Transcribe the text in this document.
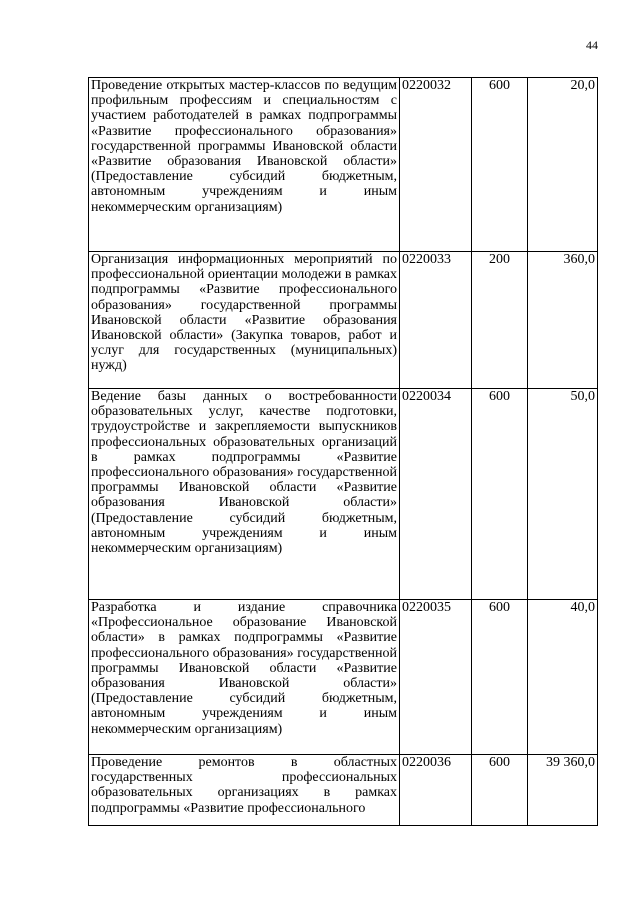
44
Проведение открытых мастер-классов по ведущим профильным профессиям и специальностям с участием работодателей в рамках подпрограммы «Развитие профессионального образования» государственной программы Ивановской области «Развитие образования Ивановской области» (Предоставление субсидий бюджетным, автономным учреждениям и иным некоммерческим организациям)	0220032	600	20,0
Организация информационных мероприятий по профессиональной ориентации молодежи в рамках подпрограммы «Развитие профессионального образования» государственной программы Ивановской области «Развитие образования Ивановской области» (Закупка товаров, работ и услуг для государственных (муниципальных) нужд)	0220033	200	360,0
Ведение базы данных о востребованности образовательных услуг, качестве подготовки, трудоустройстве и закрепляемости выпускников профессиональных образовательных организаций в рамках подпрограммы «Развитие профессионального образования» государственной программы Ивановской области «Развитие образования Ивановской области» (Предоставление субсидий бюджетным, автономным учреждениям и иным некоммерческим организациям)	0220034	600	50,0
Разработка и издание справочника «Профессиональное образование Ивановской области» в рамках подпрограммы «Развитие профессионального образования» государственной программы Ивановской области «Развитие образования Ивановской области» (Предоставление субсидий бюджетным, автономным учреждениям и иным некоммерческим организациям)	0220035	600	40,0
Проведение ремонтов в областных государственных профессиональных образовательных организациях в рамках подпрограммы «Развитие профессионального	0220036	600	39 360,0
